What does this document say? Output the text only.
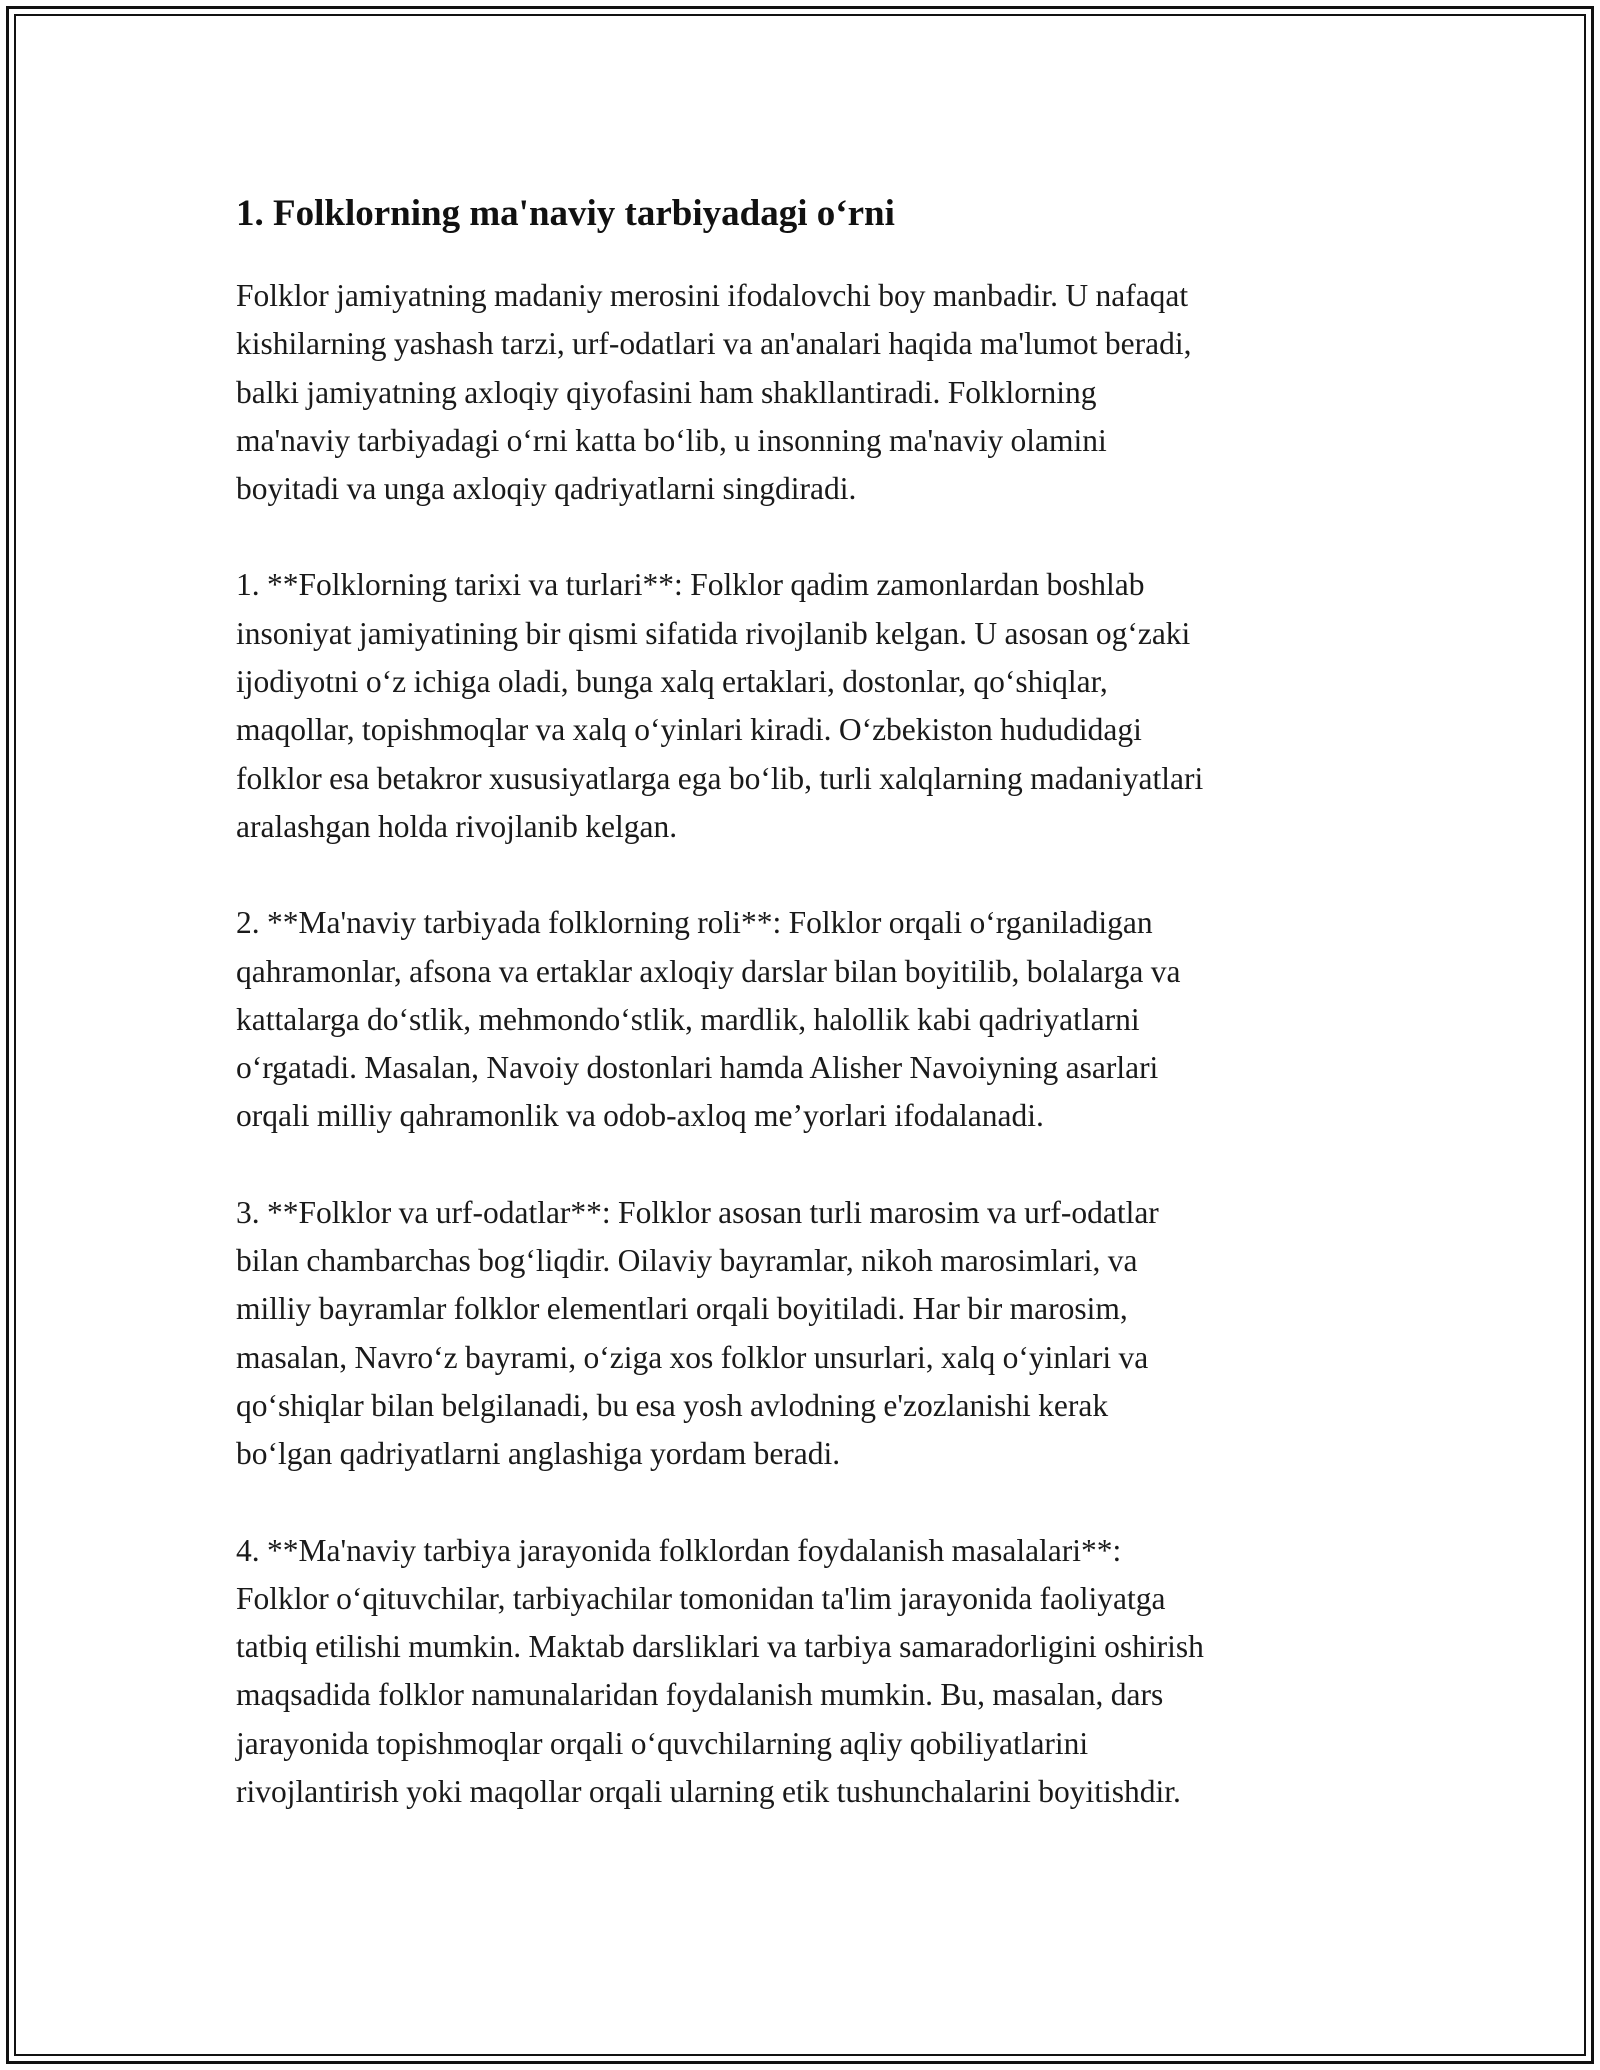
1. Folklorning ma'naviy tarbiyadagi o‘rni

Folklor jamiyatning madaniy merosini ifodalovchi boy manbadir. U nafaqat
kishilarning yashash tarzi, urf-odatlari va an'analari haqida ma'lumot beradi,
balki jamiyatning axloqiy qiyofasini ham shakllantiradi. Folklorning
ma'naviy tarbiyadagi o‘rni katta bo‘lib, u insonning ma'naviy olamini
boyitadi va unga axloqiy qadriyatlarni singdiradi.

1. **Folklorning tarixi va turlari**: Folklor qadim zamonlardan boshlab
insoniyat jamiyatining bir qismi sifatida rivojlanib kelgan. U asosan og‘zaki
ijodiyotni o‘z ichiga oladi, bunga xalq ertaklari, dostonlar, qo‘shiqlar,
maqollar, topishmoqlar va xalq o‘yinlari kiradi. O‘zbekiston hududidagi
folklor esa betakror xususiyatlarga ega bo‘lib, turli xalqlarning madaniyatlari
aralashgan holda rivojlanib kelgan.

2. **Ma'naviy tarbiyada folklorning roli**: Folklor orqali o‘rganiladigan
qahramonlar, afsona va ertaklar axloqiy darslar bilan boyitilib, bolalarga va
kattalarga do‘stlik, mehmondo‘stlik, mardlik, halollik kabi qadriyatlarni
o‘rgatadi. Masalan, Navoiy dostonlari hamda Alisher Navoiyning asarlari
orqali milliy qahramonlik va odob-axloq me’yorlari ifodalanadi.

3. **Folklor va urf-odatlar**: Folklor asosan turli marosim va urf-odatlar
bilan chambarchas bog‘liqdir. Oilaviy bayramlar, nikoh marosimlari, va
milliy bayramlar folklor elementlari orqali boyitiladi. Har bir marosim,
masalan, Navro‘z bayrami, o‘ziga xos folklor unsurlari, xalq o‘yinlari va
qo‘shiqlar bilan belgilanadi, bu esa yosh avlodning e'zozlanishi kerak
bo‘lgan qadriyatlarni anglashiga yordam beradi.

4. **Ma'naviy tarbiya jarayonida folklordan foydalanish masalalari**:
Folklor o‘qituvchilar, tarbiyachilar tomonidan ta'lim jarayonida faoliyatga
tatbiq etilishi mumkin. Maktab darsliklari va tarbiya samaradorligini oshirish
maqsadida folklor namunalaridan foydalanish mumkin. Bu, masalan, dars
jarayonida topishmoqlar orqali o‘quvchilarning aqliy qobiliyatlarini
rivojlantirish yoki maqollar orqali ularning etik tushunchalarini boyitishdir.
